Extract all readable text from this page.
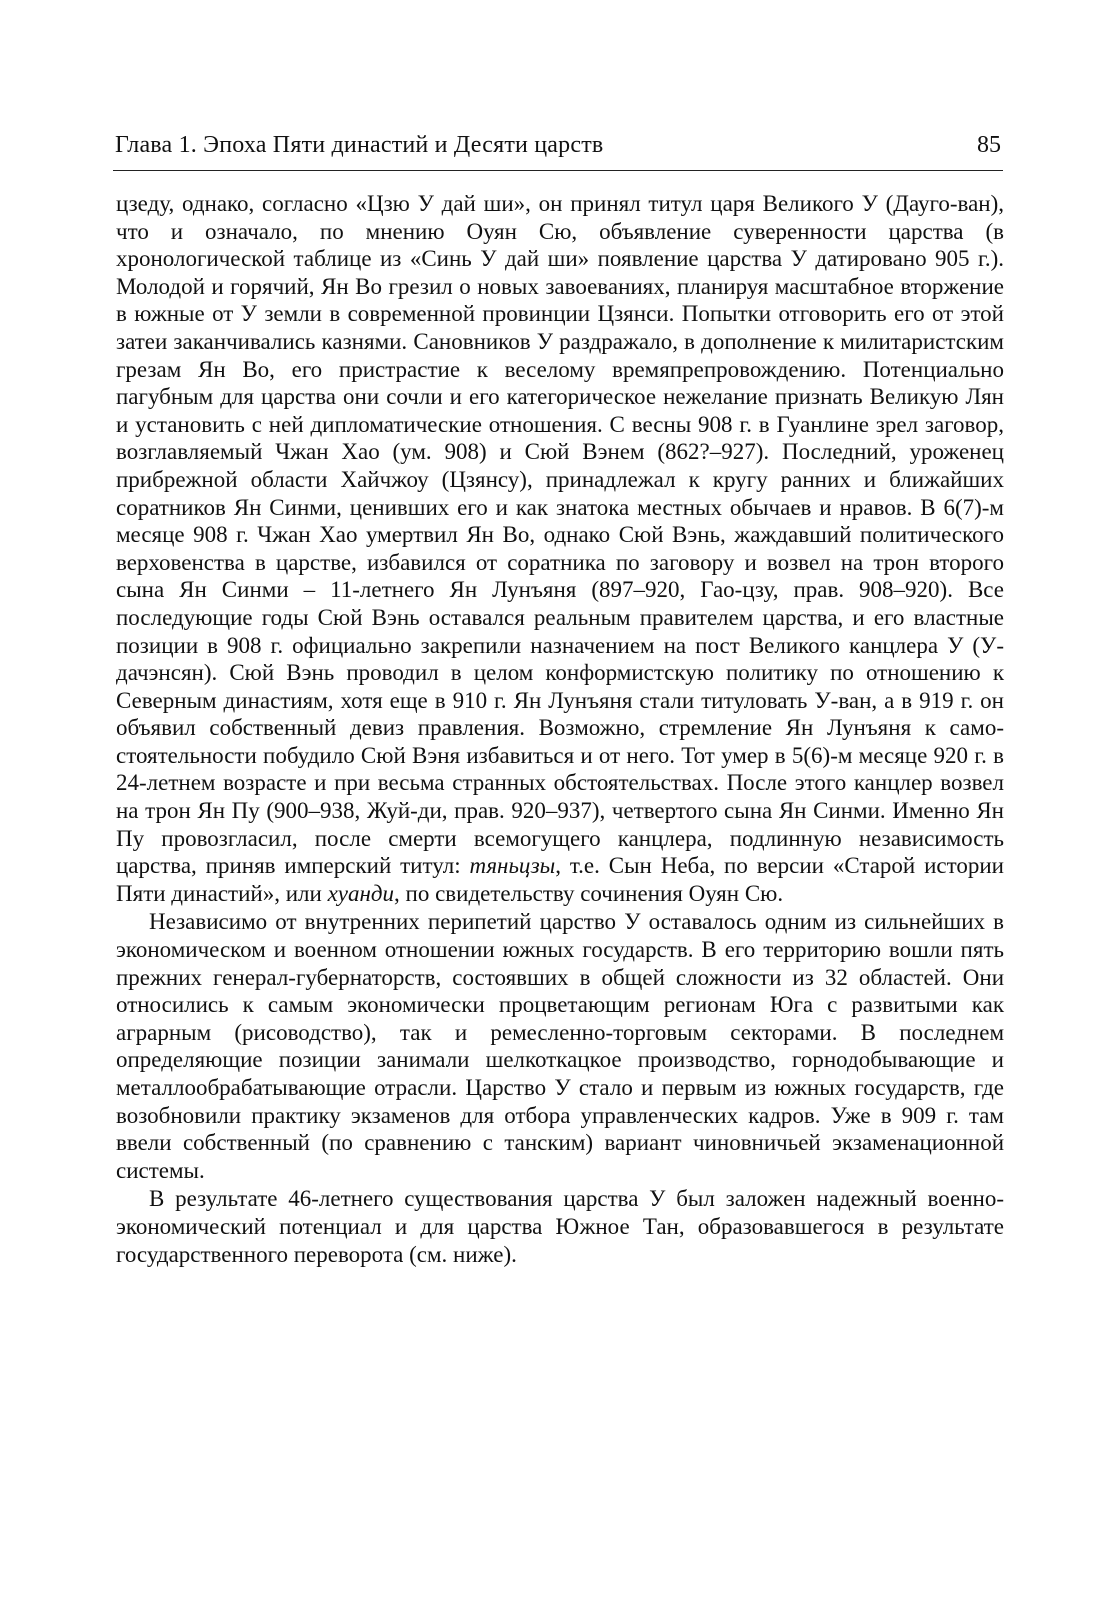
Глава 1. Эпоха Пяти династий и Десяти царств	85

цзеду, однако, согласно «Цзю У дай ши», он принял титул царя Великого У (Дауго-ван), что и означало, по мнению Оуян Сю, объявление суверенности царства (в хронологической таблице из «Синь У дай ши» появление царства У датировано 905 г.). Молодой и горячий, Ян Во грезил о новых завоеваниях, планируя масштабное вторжение в южные от У земли в современной провинции Цзянси. Попытки отговорить его от этой затеи заканчивались казнями. Сановников У раздражало, в дополнение к милитаристским грезам Ян Во, его пристрастие к веселому времяпрепровождению. Потенциально пагубным для царства они сочли и его категорическое нежелание признать Великую Лян и установить с ней дипломатические отношения. С весны 908 г. в Гуанлине зрел заговор, возглавляемый Чжан Хао (ум. 908) и Сюй Вэнем (862?–927). Последний, уроженец прибрежной области Хайчжоу (Цзянсу), принадлежал к кругу ранних и ближайших соратников Ян Синми, ценивших его и как знатока местных обычаев и нравов. В 6(7)-м месяце 908 г. Чжан Хао умертвил Ян Во, однако Сюй Вэнь, жаждавший политического верховенства в царстве, избавился от соратника по заговору и возвел на трон второго сына Ян Синми – 11-летнего Ян Лунъяня (897–920, Гао-цзу, прав. 908–920). Все последующие годы Сюй Вэнь оставался реальным правителем царства, и его властные позиции в 908 г. официально закрепили назначением на пост Великого канцлера У (У-дачэнсян). Сюй Вэнь проводил в целом конформистскую политику по отношению к Северным династиям, хотя еще в 910 г. Ян Лунъяня стали титуловать У-ван, а в 919 г. он объявил собственный девиз правления. Возможно, стремление Ян Лунъяня к самостоятельности побудило Сюй Вэня избавиться и от него. Тот умер в 5(6)-м месяце 920 г. в 24-летнем возрасте и при весьма странных обстоятельствах. После этого канцлер возвел на трон Ян Пу (900–938, Жуй-ди, прав. 920–937), четвертого сына Ян Синми. Именно Ян Пу провозгласил, после смерти всемогущего канцлера, подлинную независимость царства, приняв имперский титул: тяньцзы, т.е. Сын Неба, по версии «Старой истории Пяти династий», или хуанди, по свидетельству сочинения Оуян Сю.

Независимо от внутренних перипетий царство У оставалось одним из сильнейших в экономическом и военном отношении южных государств. В его территорию вошли пять прежних генерал-губернаторств, состоявших в общей сложности из 32 областей. Они относились к самым экономически процветающим регионам Юга с развитыми как аграрным (рисоводство), так и ремесленно-торговым секторами. В последнем определяющие позиции занимали шелкоткацкое производство, горнодобывающие и металлообрабатывающие отрасли. Царство У стало и первым из южных государств, где возобновили практику экзаменов для отбора управленческих кадров. Уже в 909 г. там ввели собственный (по сравнению с танским) вариант чиновничьей экзаменационной системы.

В результате 46-летнего существования царства У был заложен надежный военно-экономический потенциал и для царства Южное Тан, образовавшегося в результате государственного переворота (см. ниже).
